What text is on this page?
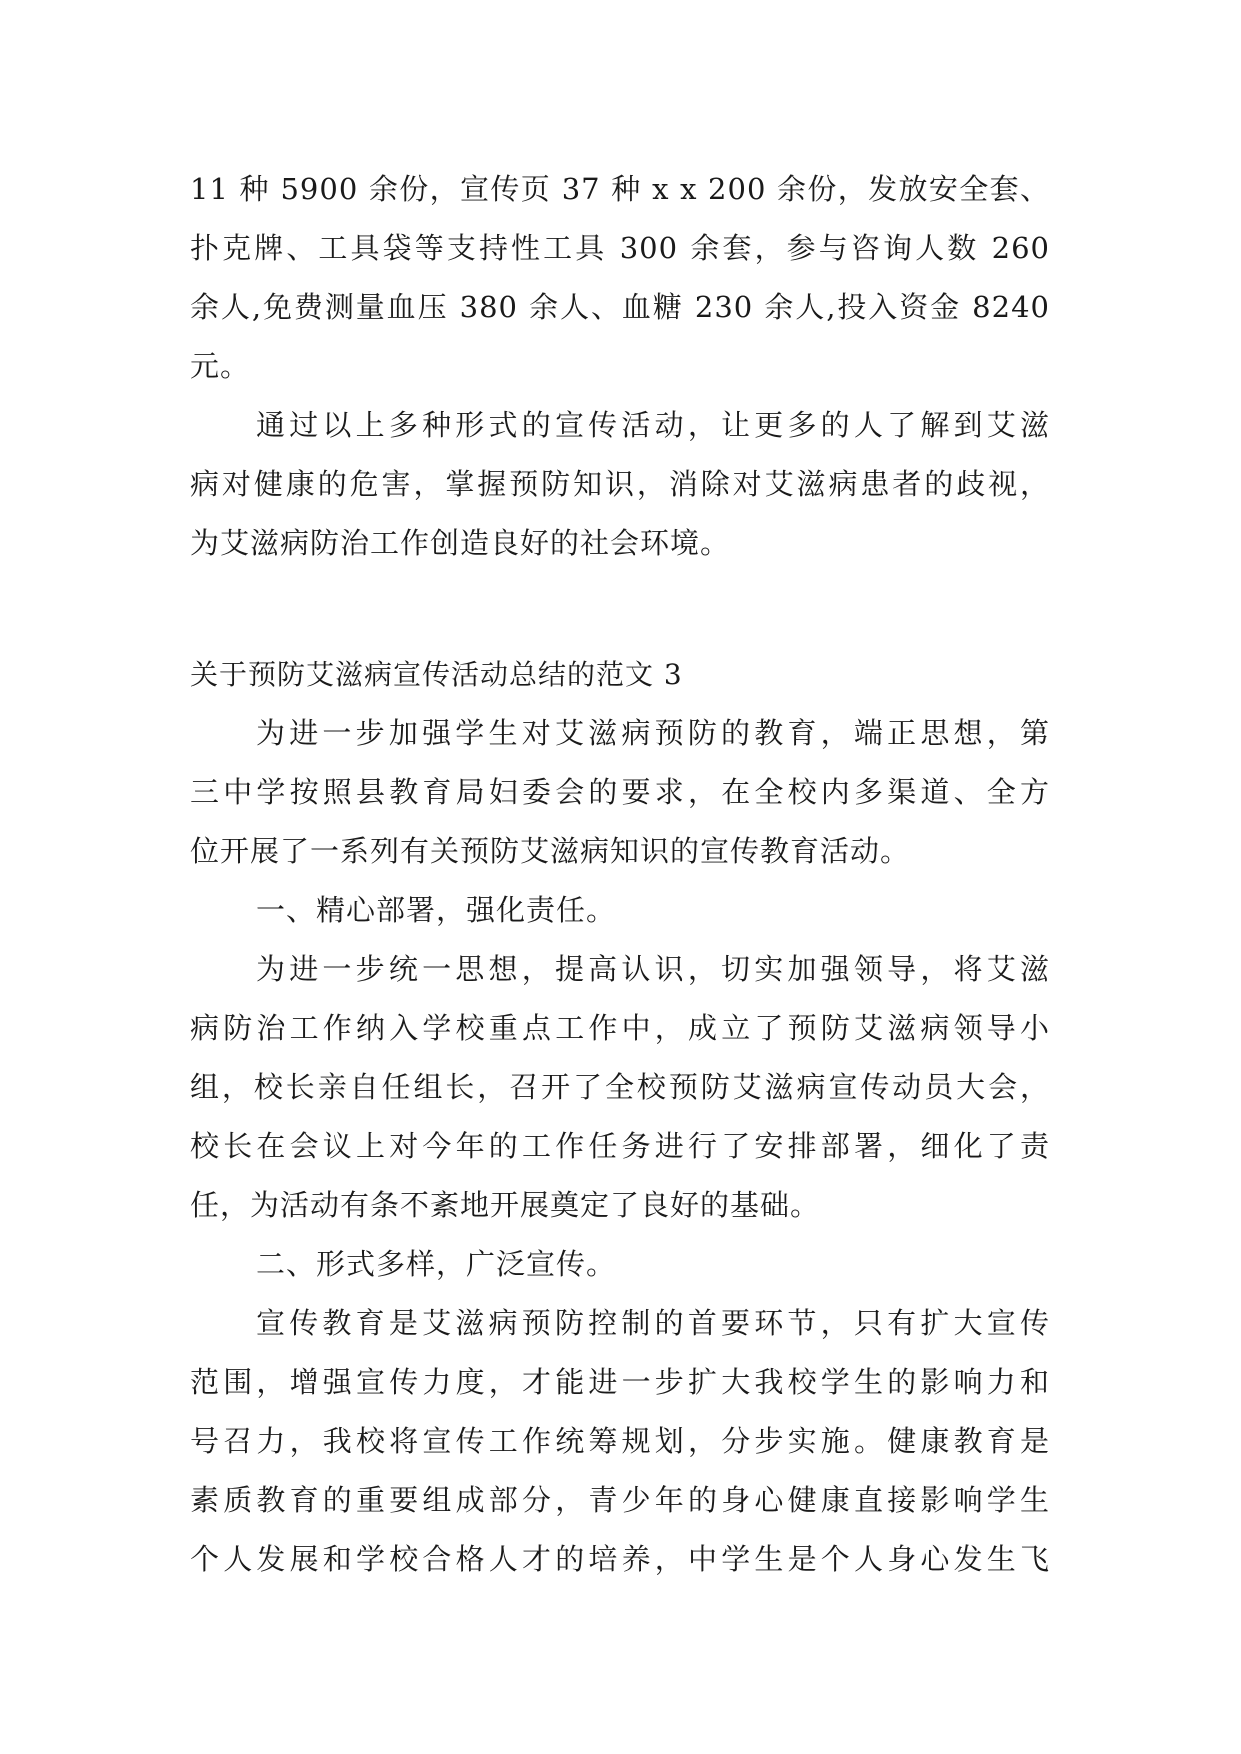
11 种 5900 余份，宣传页 37 种 x x 200 余份，发放安全套、
扑克牌、工具袋等支持性工具 300 余套，参与咨询人数 260
余人,免费测量血压 380 余人、血糖 230 余人,投入资金 8240
元。
通过以上多种形式的宣传活动，让更多的人了解到艾滋
病对健康的危害，掌握预防知识，消除对艾滋病患者的歧视，
为艾滋病防治工作创造良好的社会环境。
关于预防艾滋病宣传活动总结的范文 3
为进一步加强学生对艾滋病预防的教育，端正思想，第
三中学按照县教育局妇委会的要求，在全校内多渠道、全方
位开展了一系列有关预防艾滋病知识的宣传教育活动。
一、精心部署，强化责任。
为进一步统一思想，提高认识，切实加强领导，将艾滋
病防治工作纳入学校重点工作中，成立了预防艾滋病领导小
组，校长亲自任组长，召开了全校预防艾滋病宣传动员大会，
校长在会议上对今年的工作任务进行了安排部署，细化了责
任，为活动有条不紊地开展奠定了良好的基础。
二、形式多样，广泛宣传。
宣传教育是艾滋病预防控制的首要环节，只有扩大宣传
范围，增强宣传力度，才能进一步扩大我校学生的影响力和
号召力，我校将宣传工作统筹规划，分步实施。健康教育是
素质教育的重要组成部分，青少年的身心健康直接影响学生
个人发展和学校合格人才的培养，中学生是个人身心发生飞
